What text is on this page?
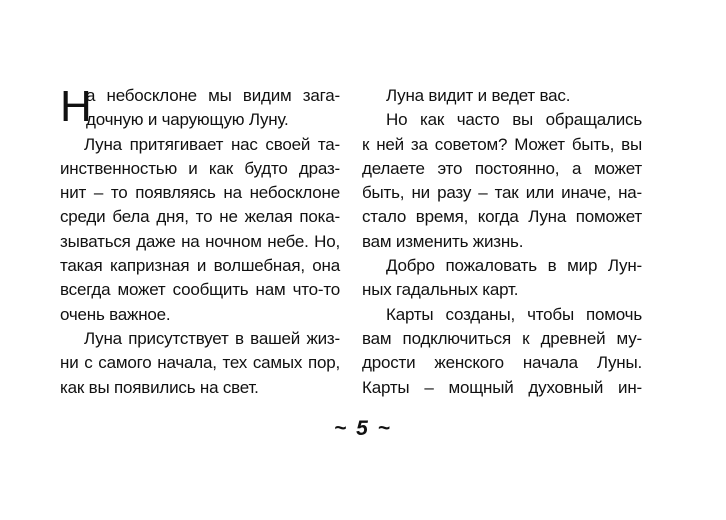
Н
а небосклоне мы видим зага-
дочную и чарующую Луну.
Луна притягивает нас своей та-
инственностью и как будто драз-
нит – то появляясь на небосклоне
среди бела дня, то не желая пока-
зываться даже на ночном небе. Но,
такая капризная и волшебная, она
всегда может сообщить нам что-то
очень важное.
Луна присутствует в вашей жиз-
ни с самого начала, тех самых пор,
как вы появились на свет.
Луна видит и ведет вас.
Но как часто вы обращались
к ней за советом? Может быть, вы
делаете это постоянно, а может
быть, ни разу – так или иначе, на-
стало время, когда Луна поможет
вам изменить жизнь.
Добро пожаловать в мир Лун-
ных гадальных карт.
Карты созданы, чтобы помочь
вам подключиться к древней му-
дрости женского начала Луны.
Карты – мощный духовный ин-
~ 5 ~
